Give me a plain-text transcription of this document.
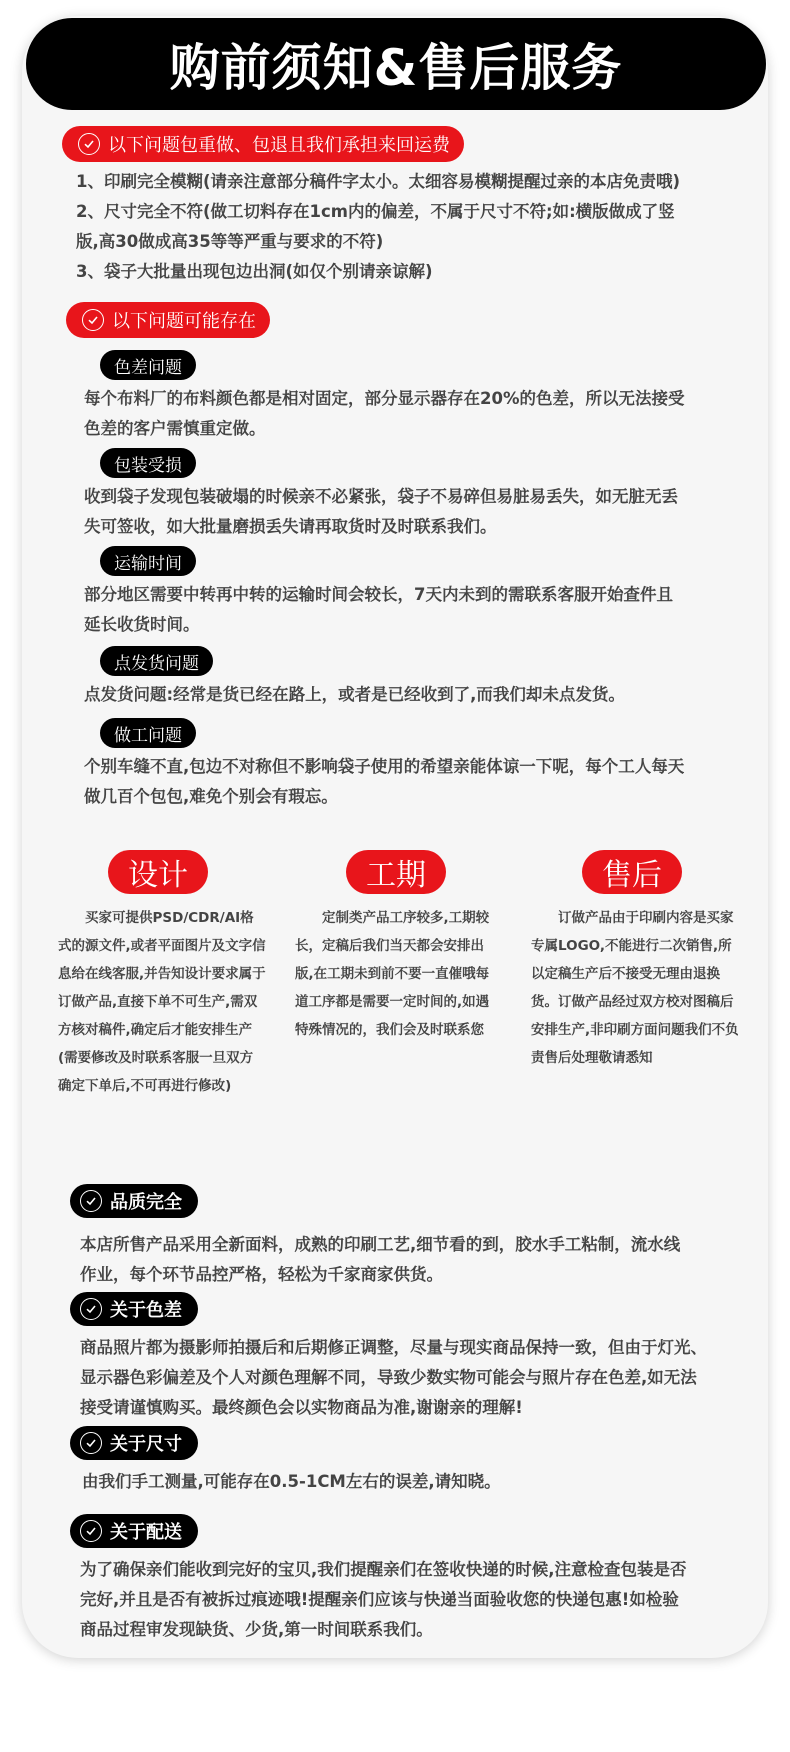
购前须知&售后服务
以下问题包重做、包退且我们承担来回运费
1、印刷完全模糊(请亲注意部分稿件字太小。太细容易模糊提醒过亲的本店免责哦)
2、尺寸完全不符(做工切料存在1cm内的偏差，不属于尺寸不符;如:横版做成了竖
版,高30做成高35等等严重与要求的不符)
3、袋子大批量出现包边出洞(如仅个别请亲谅解)
以下问题可能存在
色差问题
每个布料厂的布料颜色都是相对固定，部分显示器存在20%的色差，所以无法接受
色差的客户需慎重定做。
包装受损
收到袋子发现包装破塌的时候亲不必紧张，袋子不易碎但易脏易丢失，如无脏无丢
失可签收，如大批量磨损丢失请再取货时及时联系我们。
运输时间
部分地区需要中转再中转的运输时间会较长，7天内未到的需联系客服开始查件且
延长收货时间。
点发货问题
点发货问题:经常是货已经在路上，或者是已经收到了,而我们却未点发货。
做工问题
个别车缝不直,包边不对称但不影响袋子使用的希望亲能体谅一下呢，每个工人每天
做几百个包包,难免个别会有瑕忘。
设计
买家可提供PSD/CDR/AI格式的源文件,或者平面图片及文字信息给在线客服,并告知设计要求属于订做产品,直接下单不可生产,需双方核对稿件,确定后才能安排生产(需要修改及时联系客服一旦双方确定下单后,不可再进行修改)
工期
定制类产品工序较多,工期较长，定稿后我们当天都会安排出版,在工期未到前不要一直催哦每道工序都是需要一定时间的,如遇特殊情况的，我们会及时联系您
售后
订做产品由于印刷内容是买家专属LOGO,不能进行二次销售,所以定稿生产后不接受无理由退换货。订做产品经过双方校对图稿后安排生产,非印刷方面问题我们不负责售后处理敬请悉知
品质完全
本店所售产品采用全新面料，成熟的印刷工艺,细节看的到，胶水手工粘制，流水线
作业，每个环节品控严格，轻松为千家商家供货。
关于色差
商品照片都为摄影师拍摄后和后期修正调整，尽量与现实商品保持一致，但由于灯光、
显示器色彩偏差及个人对颜色理解不同，导致少数实物可能会与照片存在色差,如无法
接受请谨慎购买。最终颜色会以实物商品为准,谢谢亲的理解!
关于尺寸
由我们手工测量,可能存在0.5-1CM左右的误差,请知晓。
关于配送
为了确保亲们能收到完好的宝贝,我们提醒亲们在签收快递的时候,注意检查包装是否
完好,并且是否有被拆过痕迹哦!提醒亲们应该与快递当面验收您的快递包惠!如检验
商品过程审发现缺货、少货,第一时间联系我们。
